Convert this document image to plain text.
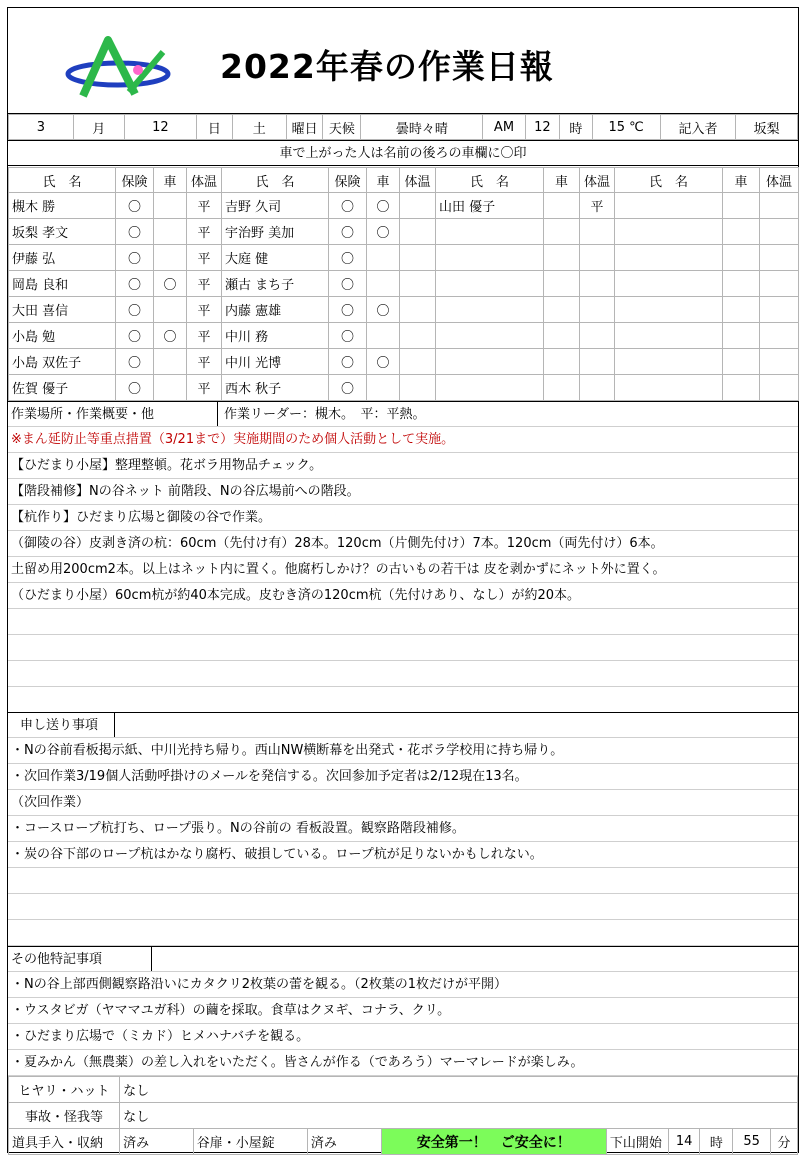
2022年春の作業日報
3	月	12	日	土	曜日	天候	曇時々晴	AM	12	時	15 ℃	記入者	坂梨
車で上がった人は名前の後ろの車欄に〇印
氏　名	保険	車	体温	氏　名	保険	車	体温	氏　名	車	体温	氏　名	車	体温
槻木 勝	〇		平	吉野 久司	〇	〇		山田 優子		平			
坂梨 孝文	〇		平	宇治野 美加	〇	〇							
伊藤 弘	〇		平	大庭 健	〇								
岡島 良和	〇	〇	平	瀬古 まち子	〇								
大田 喜信	〇		平	内藤 憲雄	〇	〇							
小島 勉	〇	〇	平	中川 務	〇								
小島 双佐子	〇		平	中川 光博	〇	〇							
佐賀 優子	〇		平	西木 秋子	〇								
作業場所・作業概要・他	作業リーダー：槻木。　平：平熱。
※まん延防止等重点措置（3/21まで）実施期間のため個人活動として実施。
【ひだまり小屋】整理整頓。花ボラ用物品チェック。
【階段補修】Nの谷ネット 前階段、Nの谷広場前への階段。
【杭作り】ひだまり広場と御陵の谷で作業。
（御陵の谷）皮剥き済の杭：60cm（先付け有）28本。120cm（片側先付け）7本。120cm（両先付け）6本。
土留め用200cm2本。以上はネット内に置く。他腐朽しかけ？の古いもの若干は 皮を剥かずにネット外に置く。
（ひだまり小屋）60cm杭が約40本完成。皮むき済の120cm杭（先付けあり、なし）が約20本。
申し送り事項
・Nの谷前看板掲示紙、中川光持ち帰り。西山NW横断幕を出発式・花ボラ学校用に持ち帰り。
・次回作業3/19個人活動呼掛けのメールを発信する。次回参加予定者は2/12現在13名。
（次回作業）
・コースロープ杭打ち、ロープ張り。Nの谷前の 看板設置。観察路階段補修。
・炭の谷下部のロープ杭はかなり腐朽、破損している。ロープ杭が足りないかもしれない。
その他特記事項
・Nの谷上部西側観察路沿いにカタクリ2枚葉の蕾を観る。（2枚葉の1枚だけが平開）
・ウスタビガ（ヤママユガ科）の繭を採取。食草はクヌギ、コナラ、クリ。
・ひだまり広場で（ミカド）ヒメハナバチを観る。
・夏みかん（無農薬）の差し入れをいただく。皆さんが作る（であろう）マーマレードが楽しみ。
ヒヤリ・ハット	なし								
事故・怪我等	なし								
道具手入・収納	済み	谷扉・小屋錠	済み	安全第一！　ご安全に！	下山開始	14	時	55	分
